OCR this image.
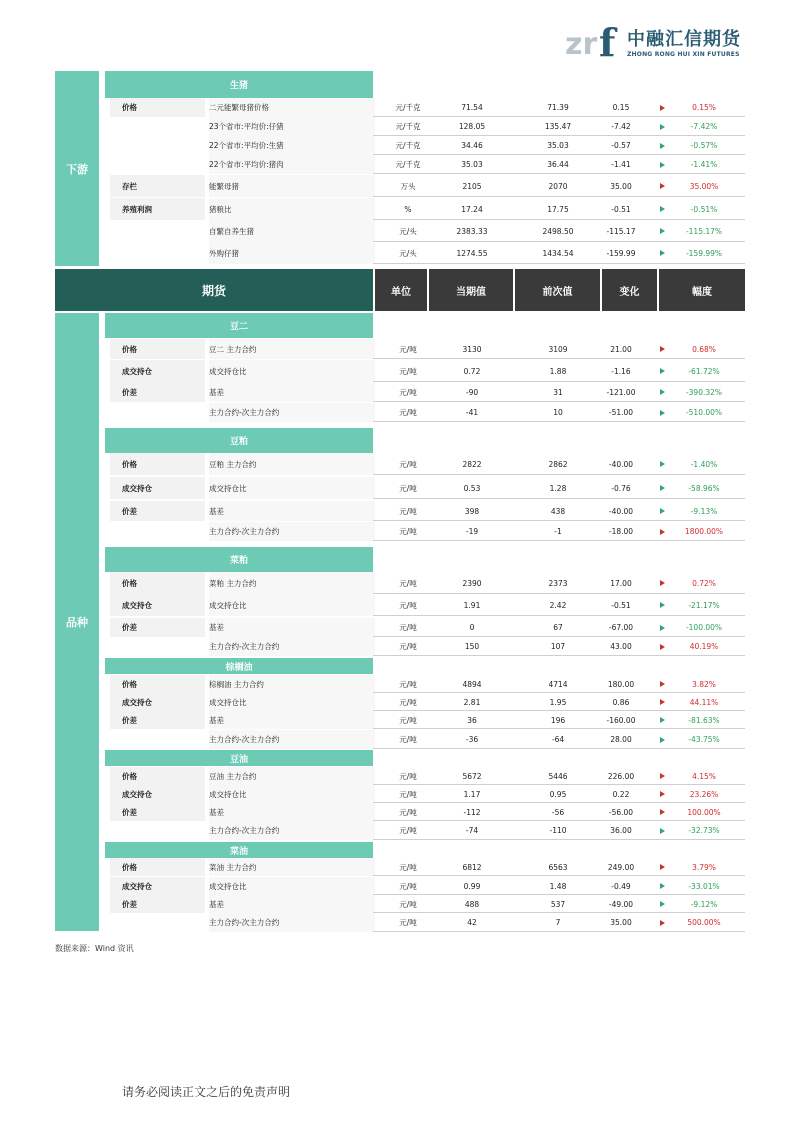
zr f 中融汇信期货
ZHONG RONG HUI XIN FUTURES
下游
品种
期货	单位	当期值	前次值	变化	幅度
生猪
价格	二元能繁母猪价格	元/千克	71.54	71.39	0.15	0.15%
23个省市:平均价:仔猪	元/千克	128.05	135.47	-7.42	-7.42%
22个省市:平均价:生猪	元/千克	34.46	35.03	-0.57	-0.57%
22个省市:平均价:猪肉	元/千克	35.03	36.44	-1.41	-1.41%
存栏	能繁母猪	万头	2105	2070	35.00	35.00%
养殖利润	猪粮比	%	17.24	17.75	-0.51	-0.51%
自繁自养生猪	元/头	2383.33	2498.50	-115.17	-115.17%
外购仔猪	元/头	1274.55	1434.54	-159.99	-159.99%
豆二
价格	豆二 主力合约	元/吨	3130	3109	21.00	0.68%
成交持仓	成交持仓比	元/吨	0.72	1.88	-1.16	-61.72%
价差	基差	元/吨	-90	31	-121.00	-390.32%
主力合约-次主力合约	元/吨	-41	10	-51.00	-510.00%
豆粕
价格	豆粕 主力合约	元/吨	2822	2862	-40.00	-1.40%
成交持仓	成交持仓比	元/吨	0.53	1.28	-0.76	-58.96%
价差	基差	元/吨	398	438	-40.00	-9.13%
主力合约-次主力合约	元/吨	-19	-1	-18.00	1800.00%
菜粕
价格	菜粕 主力合约	元/吨	2390	2373	17.00	0.72%
成交持仓	成交持仓比	元/吨	1.91	2.42	-0.51	-21.17%
价差	基差	元/吨	0	67	-67.00	-100.00%
主力合约-次主力合约	元/吨	150	107	43.00	40.19%
棕榈油
价格	棕榈油 主力合约	元/吨	4894	4714	180.00	3.82%
成交持仓	成交持仓比	元/吨	2.81	1.95	0.86	44.11%
价差	基差	元/吨	36	196	-160.00	-81.63%
主力合约-次主力合约	元/吨	-36	-64	28.00	-43.75%
豆油
价格	豆油 主力合约	元/吨	5672	5446	226.00	4.15%
成交持仓	成交持仓比	元/吨	1.17	0.95	0.22	23.26%
价差	基差	元/吨	-112	-56	-56.00	100.00%
主力合约-次主力合约	元/吨	-74	-110	36.00	-32.73%
菜油
价格	菜油 主力合约	元/吨	6812	6563	249.00	3.79%
成交持仓	成交持仓比	元/吨	0.99	1.48	-0.49	-33.01%
价差	基差	元/吨	488	537	-49.00	-9.12%
主力合约-次主力合约	元/吨	42	7	35.00	500.00%
数据来源：Wind 资讯
请务必阅读正文之后的免责声明
